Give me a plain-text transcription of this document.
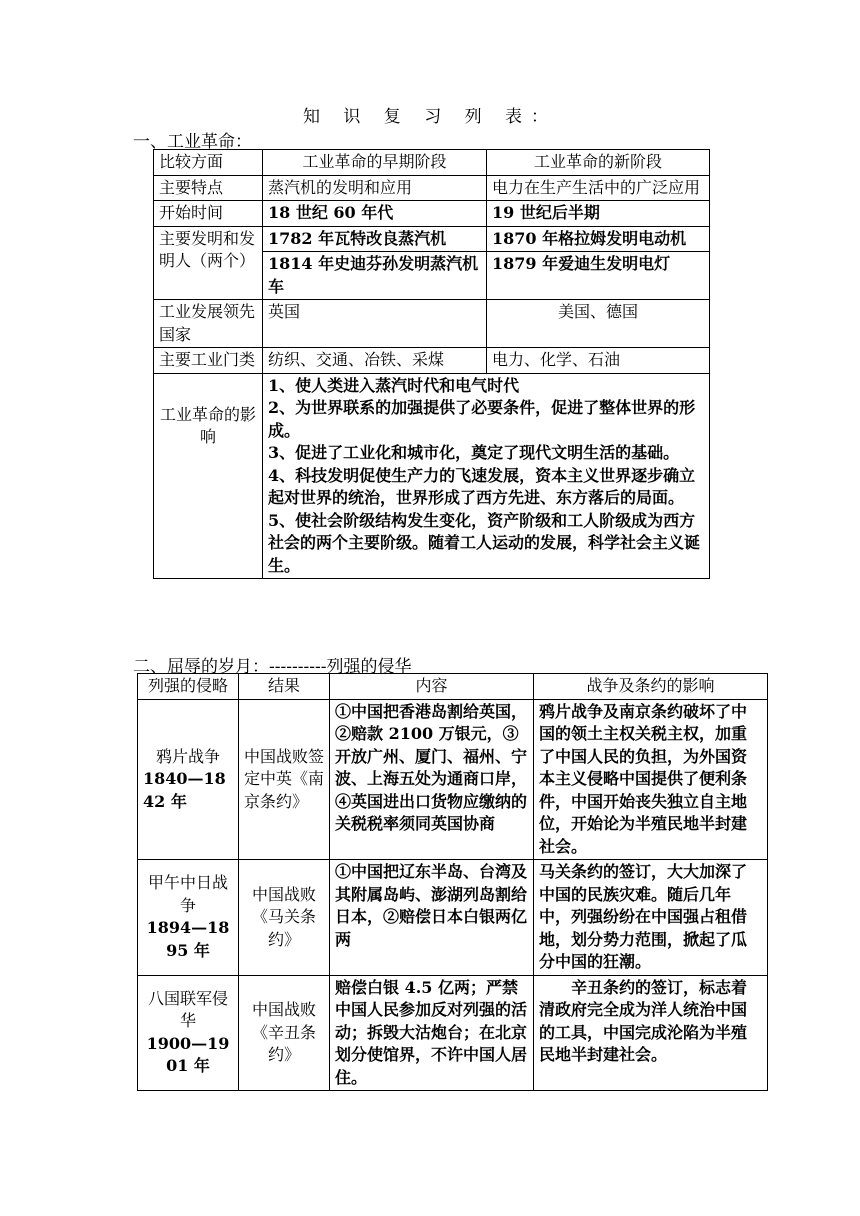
知 识 复 习 列 表：
一、工业革命：
比较方面	工业革命的早期阶段	工业革命的新阶段
主要特点	蒸汽机的发明和应用	电力在生产生活中的广泛应用
开始时间	18 世纪 60 年代	19 世纪后半期
主要发明和发明人（两个）	1782 年瓦特改良蒸汽机	1870 年格拉姆发明电动机
	1814 年史迪芬孙发明蒸汽机车	1879 年爱迪生发明电灯
工业发展领先国家	英国	美国、德国
主要工业门类	纺织、交通、冶铁、采煤	电力、化学、石油
工业革命的影响	1、使人类进入蒸汽时代和电气时代
2、为世界联系的加强提供了必要条件，促进了整体世界的形成。
3、促进了工业化和城市化，奠定了现代文明生活的基础。
4、科技发明促使生产力的飞速发展，资本主义世界逐步确立起对世界的统治，世界形成了西方先进、东方落后的局面。
5、使社会阶级结构发生变化，资产阶级和工人阶级成为西方社会的两个主要阶级。随着工人运动的发展，科学社会主义诞生。	
二、屈辱的岁月：----------列强的侵华
列强的侵略	结果	内容	战争及条约的影响

鸦片战争
1840—1842 年	中国战败签定中英《南京条约》	①中国把香港岛割给英国，②赔款 2100 万银元，③开放广州、厦门、福州、宁波、上海五处为通商口岸，④英国进出口货物应缴纳的关税税率须同英国协商	鸦片战争及南京条约破坏了中国的领土主权关税主权，加重了中国人民的负担，为外国资本主义侵略中国提供了便利条件，中国开始丧失独立自主地位，开始论为半殖民地半封建社会。

甲午中日战争
1894—1895 年	中国战败《马关条约》	①中国把辽东半岛、台湾及其附属岛屿、澎湖列岛割给日本，②赔偿日本白银两亿两	马关条约的签订，大大加深了中国的民族灾难。随后几年中，列强纷纷在中国强占租借地，划分势力范围，掀起了瓜分中国的狂潮。

八国联军侵华
1900—1901 年	中国战败《辛丑条约》	赔偿白银 4.5 亿两；严禁中国人民参加反对列强的活动；拆毁大沽炮台；在北京划分使馆界，不许中国人居住。	辛丑条约的签订，标志着清政府完全成为洋人统治中国的工具，中国完成沦陷为半殖民地半封建社会。
